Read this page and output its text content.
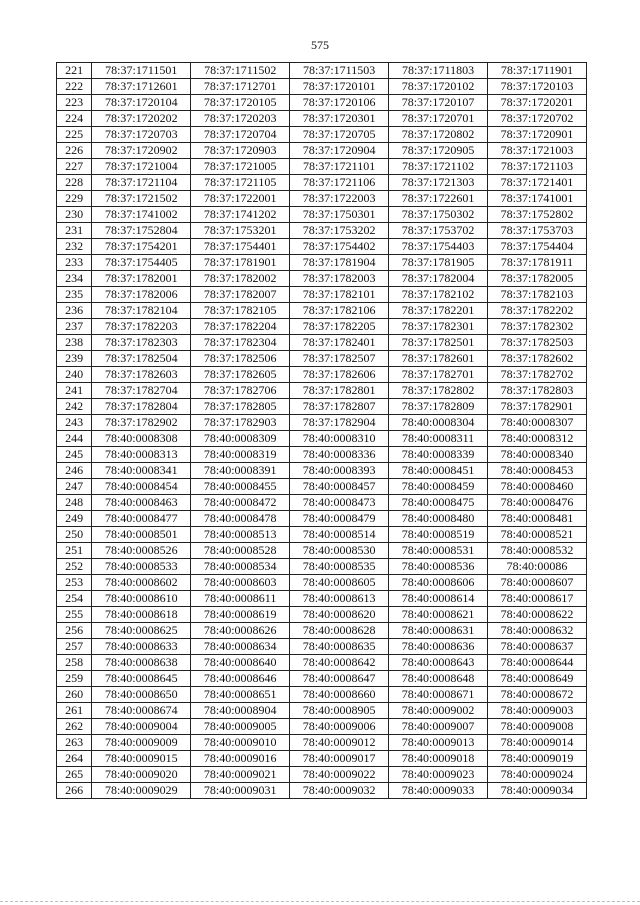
575
221	78:37:1711501	78:37:1711502	78:37:1711503	78:37:1711803	78:37:1711901
222	78:37:1712601	78:37:1712701	78:37:1720101	78:37:1720102	78:37:1720103
223	78:37:1720104	78:37:1720105	78:37:1720106	78:37:1720107	78:37:1720201
224	78:37:1720202	78:37:1720203	78:37:1720301	78:37:1720701	78:37:1720702
225	78:37:1720703	78:37:1720704	78:37:1720705	78:37:1720802	78:37:1720901
226	78:37:1720902	78:37:1720903	78:37:1720904	78:37:1720905	78:37:1721003
227	78:37:1721004	78:37:1721005	78:37:1721101	78:37:1721102	78:37:1721103
228	78:37:1721104	78:37:1721105	78:37:1721106	78:37:1721303	78:37:1721401
229	78:37:1721502	78:37:1722001	78:37:1722003	78:37:1722601	78:37:1741001
230	78:37:1741002	78:37:1741202	78:37:1750301	78:37:1750302	78:37:1752802
231	78:37:1752804	78:37:1753201	78:37:1753202	78:37:1753702	78:37:1753703
232	78:37:1754201	78:37:1754401	78:37:1754402	78:37:1754403	78:37:1754404
233	78:37:1754405	78:37:1781901	78:37:1781904	78:37:1781905	78:37:1781911
234	78:37:1782001	78:37:1782002	78:37:1782003	78:37:1782004	78:37:1782005
235	78:37:1782006	78:37:1782007	78:37:1782101	78:37:1782102	78:37:1782103
236	78:37:1782104	78:37:1782105	78:37:1782106	78:37:1782201	78:37:1782202
237	78:37:1782203	78:37:1782204	78:37:1782205	78:37:1782301	78:37:1782302
238	78:37:1782303	78:37:1782304	78:37:1782401	78:37:1782501	78:37:1782503
239	78:37:1782504	78:37:1782506	78:37:1782507	78:37:1782601	78:37:1782602
240	78:37:1782603	78:37:1782605	78:37:1782606	78:37:1782701	78:37:1782702
241	78:37:1782704	78:37:1782706	78:37:1782801	78:37:1782802	78:37:1782803
242	78:37:1782804	78:37:1782805	78:37:1782807	78:37:1782809	78:37:1782901
243	78:37:1782902	78:37:1782903	78:37:1782904	78:40:0008304	78:40:0008307
244	78:40:0008308	78:40:0008309	78:40:0008310	78:40:0008311	78:40:0008312
245	78:40:0008313	78:40:0008319	78:40:0008336	78:40:0008339	78:40:0008340
246	78:40:0008341	78:40:0008391	78:40:0008393	78:40:0008451	78:40:0008453
247	78:40:0008454	78:40:0008455	78:40:0008457	78:40:0008459	78:40:0008460
248	78:40:0008463	78:40:0008472	78:40:0008473	78:40:0008475	78:40:0008476
249	78:40:0008477	78:40:0008478	78:40:0008479	78:40:0008480	78:40:0008481
250	78:40:0008501	78:40:0008513	78:40:0008514	78:40:0008519	78:40:0008521
251	78:40:0008526	78:40:0008528	78:40:0008530	78:40:0008531	78:40:0008532
252	78:40:0008533	78:40:0008534	78:40:0008535	78:40:0008536	78:40:00086
253	78:40:0008602	78:40:0008603	78:40:0008605	78:40:0008606	78:40:0008607
254	78:40:0008610	78:40:0008611	78:40:0008613	78:40:0008614	78:40:0008617
255	78:40:0008618	78:40:0008619	78:40:0008620	78:40:0008621	78:40:0008622
256	78:40:0008625	78:40:0008626	78:40:0008628	78:40:0008631	78:40:0008632
257	78:40:0008633	78:40:0008634	78:40:0008635	78:40:0008636	78:40:0008637
258	78:40:0008638	78:40:0008640	78:40:0008642	78:40:0008643	78:40:0008644
259	78:40:0008645	78:40:0008646	78:40:0008647	78:40:0008648	78:40:0008649
260	78:40:0008650	78:40:0008651	78:40:0008660	78:40:0008671	78:40:0008672
261	78:40:0008674	78:40:0008904	78:40:0008905	78:40:0009002	78:40:0009003
262	78:40:0009004	78:40:0009005	78:40:0009006	78:40:0009007	78:40:0009008
263	78:40:0009009	78:40:0009010	78:40:0009012	78:40:0009013	78:40:0009014
264	78:40:0009015	78:40:0009016	78:40:0009017	78:40:0009018	78:40:0009019
265	78:40:0009020	78:40:0009021	78:40:0009022	78:40:0009023	78:40:0009024
266	78:40:0009029	78:40:0009031	78:40:0009032	78:40:0009033	78:40:0009034
